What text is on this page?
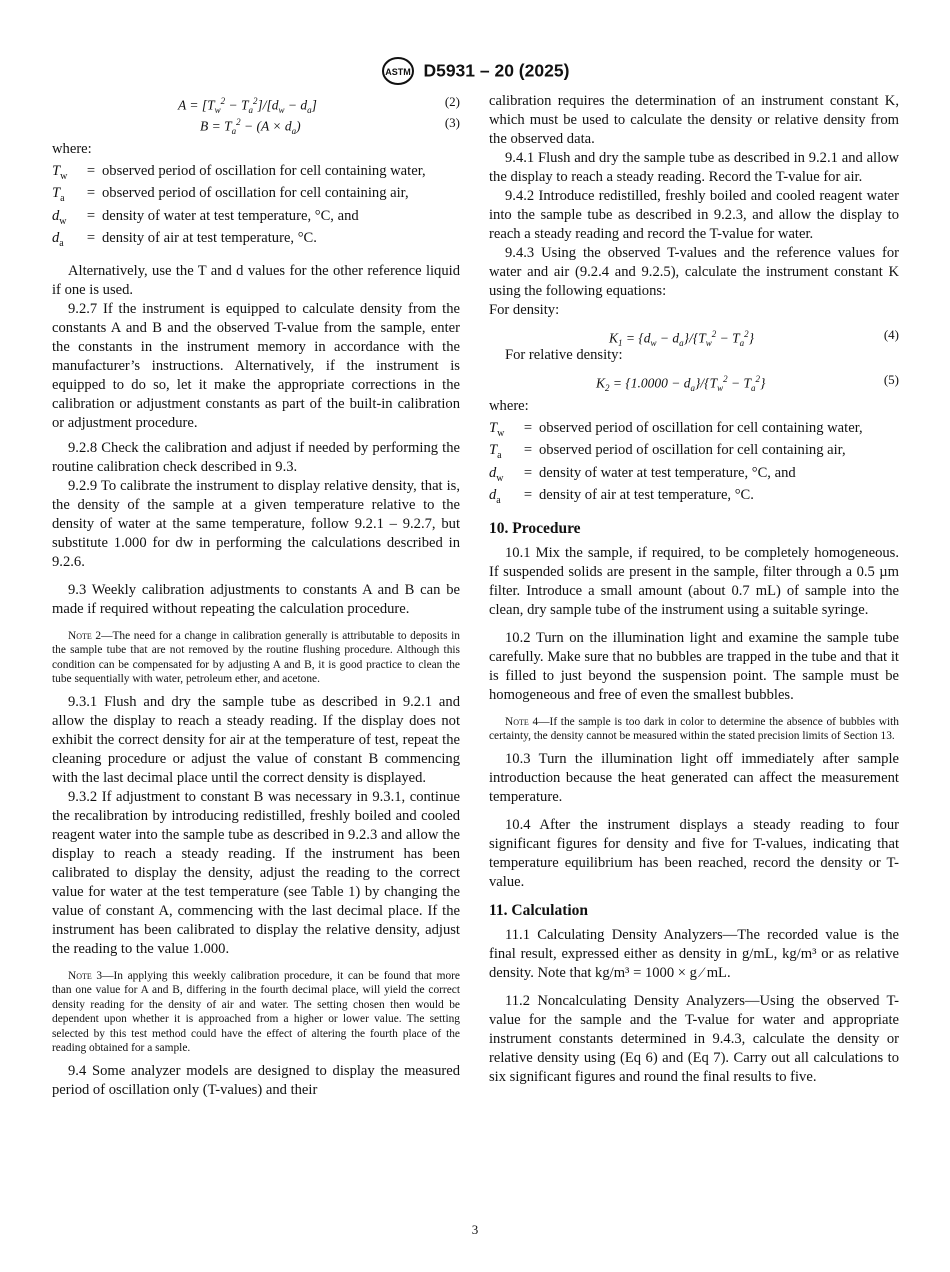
ASTM D5931 – 20 (2025)
$A = [T_w^2 - T_a^2]/[d_w - d_a]$	(2)
$B = T_a^2 - (A \times d_a)$	(3)

where:

$T_w$	=	observed period of oscillation for cell containing water,
$T_a$	=	observed period of oscillation for cell containing air,
$d_w$	=	density of water at test temperature, °C, and
$d_a$	=	density of air at test temperature, °C.

Alternatively, use the T and d values for the other reference liquid if one is used.

9.2.7 If the instrument is equipped to calculate density from the constants A and B and the observed T-value from the sample, enter the constants in the instrument memory in accordance with the manufacturer’s instructions. Alternatively, if the instrument is equipped to do so, let it make the appropriate corrections in the calibration or adjustment constants as part of the built-in calibration or adjustment procedure.

9.2.8 Check the calibration and adjust if needed by performing the routine calibration check described in 9.3.

9.2.9 To calibrate the instrument to display relative density, that is, the density of the sample at a given temperature relative to the density of water at the same temperature, follow 9.2.1 – 9.2.7, but substitute 1.000 for dw in performing the calculations described in 9.2.6.

9.3 Weekly calibration adjustments to constants A and B can be made if required without repeating the calculation procedure.

Note 2—The need for a change in calibration generally is attributable to deposits in the sample tube that are not removed by the routine flushing procedure. Although this condition can be compensated for by adjusting A and B, it is good practice to clean the tube sequentially with water, petroleum ether, and acetone.

9.3.1 Flush and dry the sample tube as described in 9.2.1 and allow the display to reach a steady reading. If the display does not exhibit the correct density for air at the temperature of test, repeat the cleaning procedure or adjust the value of constant B commencing with the last decimal place until the correct density is displayed.

9.3.2 If adjustment to constant B was necessary in 9.3.1, continue the recalibration by introducing redistilled, freshly boiled and cooled reagent water into the sample tube as described in 9.2.3 and allow the display to reach a steady reading. If the instrument has been calibrated to display the density, adjust the reading to the correct value for water at the test temperature (see Table 1) by changing the value of constant A, commencing with the last decimal place. If the instrument has been calibrated to display the relative density, adjust the reading to the value 1.000.

Note 3—In applying this weekly calibration procedure, it can be found that more than one value for A and B, differing in the fourth decimal place, will yield the correct density reading for the density of air and water. The setting chosen then would be dependent upon whether it is approached from a higher or lower value. The setting selected by this test method could have the effect of altering the fourth place of the reading obtained for a sample.

9.4 Some analyzer models are designed to display the measured period of oscillation only (T-values) and their

calibration requires the determination of an instrument constant K, which must be used to calculate the density or relative density from the observed data.

9.4.1 Flush and dry the sample tube as described in 9.2.1 and allow the display to reach a steady reading. Record the T-value for air.

9.4.2 Introduce redistilled, freshly boiled and cooled reagent water into the sample tube as described in 9.2.3, and allow the display to reach a steady reading and record the T-value for water.

9.4.3 Using the observed T-values and the reference values for water and air (9.2.4 and 9.2.5), calculate the instrument constant K using the following equations:

For density:

$K_1 = \{d_w - d_a\}/\{T_w^2 - T_a^2\}$	(4)

For relative density:

$K_2 = \{1.0000 - d_a\}/\{T_w^2 - T_a^2\}$	(5)

where:

$T_w$	=	observed period of oscillation for cell containing water,
$T_a$	=	observed period of oscillation for cell containing air,
$d_w$	=	density of water at test temperature, °C, and
$d_a$	=	density of air at test temperature, °C.
10. Procedure

10.1 Mix the sample, if required, to be completely homogeneous. If suspended solids are present in the sample, filter through a 0.5 µm filter. Introduce a small amount (about 0.7 mL) of sample into the clean, dry sample tube of the instrument using a suitable syringe.

10.2 Turn on the illumination light and examine the sample tube carefully. Make sure that no bubbles are trapped in the tube and that it is filled to just beyond the suspension point. The sample must be homogeneous and free of even the smallest bubbles.

Note 4—If the sample is too dark in color to determine the absence of bubbles with certainty, the density cannot be measured within the stated precision limits of Section 13.

10.3 Turn the illumination light off immediately after sample introduction because the heat generated can affect the measurement temperature.

10.4 After the instrument displays a steady reading to four significant figures for density and five for T-values, indicating that temperature equilibrium has been reached, record the density or T-value.

11. Calculation

11.1 Calculating Density Analyzers—The recorded value is the final result, expressed either as density in g/mL, kg/m³ or as relative density. Note that kg/m³ = 1000 × g ⁄ mL.

11.2 Noncalculating Density Analyzers—Using the observed T-value for the sample and the T-value for water and appropriate instrument constants determined in 9.4.3, calculate the density or relative density using (Eq 6) and (Eq 7). Carry out all calculations to six significant figures and round the final results to five.

3
